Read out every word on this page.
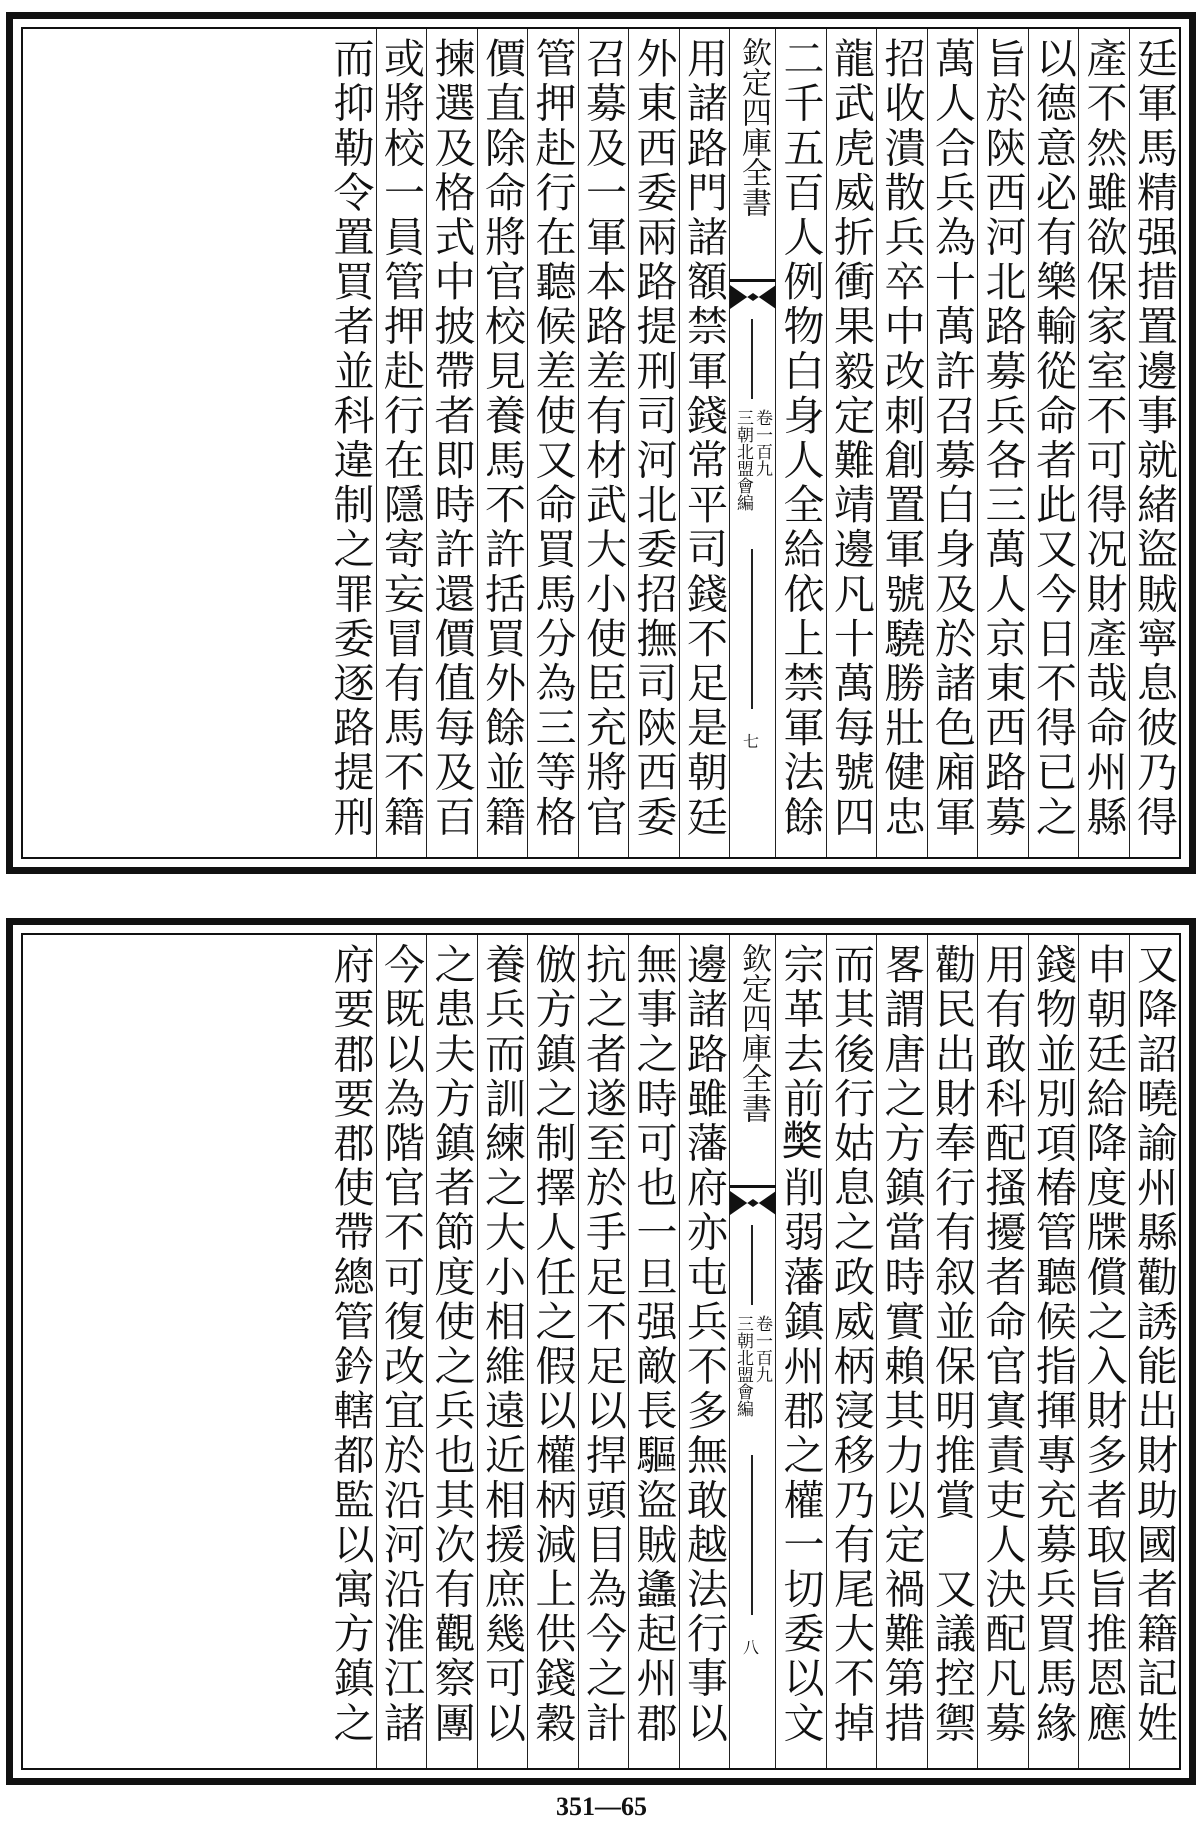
廷軍馬精强措置邊事就緒盜賊寧息彼乃得
產不然雖欲保家室不可得况財產哉命州縣
以德意必有樂輸從命者此又今日不得已之
旨於陝西河北路募兵各三萬人京東西路募
萬人合兵為十萬許召募白身及於諸色廂軍
招收潰散兵卒中改刺創置軍號驍勝壯健忠
龍武虎威折衝果毅定難靖邊凡十萬每號四
二千五百人例物白身人全給依上禁軍法餘
欽定四庫全書
三朝北盟會編 卷一百九
七
用諸路門諸額禁軍錢常平司錢不足是朝廷
外東西委兩路提刑司河北委招撫司陝西委
召募及一軍本路差有材武大小使臣充將官
管押赴行在聽候差使又命買馬分為三等格
價直除命將官校見養馬不許括買外餘並籍
揀選及格式中披帶者即時許還價值每及百
或將校一員管押赴行在隱寄妄冒有馬不籍
而抑勒令置買者並科違制之罪委逐路提刑
又降詔曉諭州縣勸誘能出財助國者籍記姓
申朝廷給降度牒償之入財多者取旨推恩應
錢物並別項椿管聽候指揮專充募兵買馬緣
用有敢科配搔擾者命官寘責吏人決配凡募
勸民出財奉行有叙並保明推賞　又議控禦
畧謂唐之方鎮當時實賴其力以定禍難第措
而其後行姑息之政威柄寖移乃有尾大不掉
宗革去前𡚁削弱藩鎮州郡之權一切委以文
欽定四庫全書
三朝北盟會編 卷一百九
八
邊諸路雖藩府亦屯兵不多無敢越法行事以
無事之時可也一旦强敵長驅盜賊蠭起州郡
抗之者遂至於手足不足以捍頭目為今之計
倣方鎮之制擇人任之假以權柄減上供錢穀
養兵而訓練之大小相維遠近相援庶幾可以
之患夫方鎮者節度使之兵也其次有觀察團
今既以為階官不可復改宜於沿河沿淮江諸
府要郡要郡使帶總管鈐轄都監以寓方鎮之
351—65
